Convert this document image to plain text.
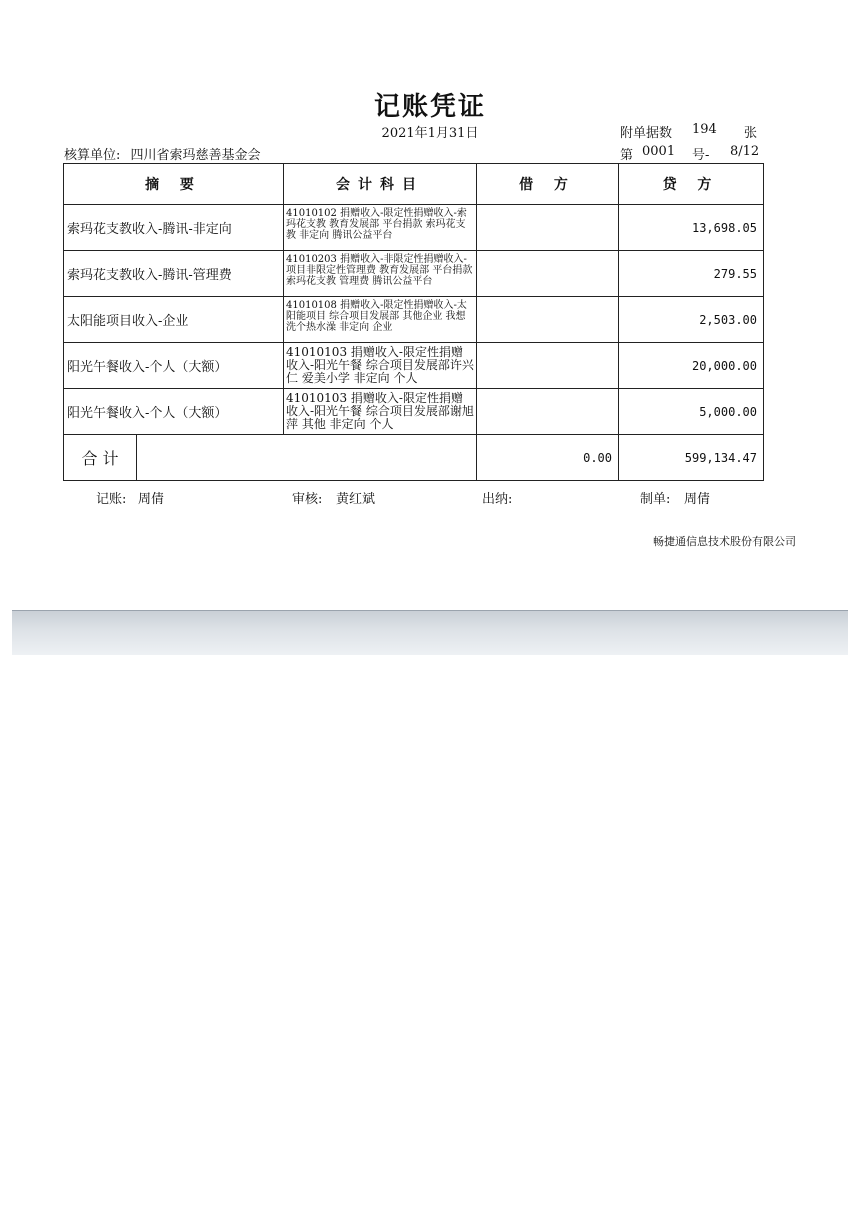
记账凭证
2021年1月31日	附单据数 194 张
核算单位: 四川省索玛慈善基金会	第 0001 号- 8/12
摘 要	会计科目	借 方	贷 方
索玛花支教收入-腾讯-非定向	41010102 捐赠收入-限定性捐赠收入-索玛花支教 教育发展部 平台捐款 索玛花支教 非定向 腾讯公益平台		13,698.05
索玛花支教收入-腾讯-管理费	41010203 捐赠收入-非限定性捐赠收入-项目非限定性管理费 教育发展部 平台捐款 索玛花支教 管理费 腾讯公益平台		279.55
太阳能项目收入-企业	41010108 捐赠收入-限定性捐赠收入-太阳能项目 综合项目发展部 其他企业 我想洗个热水澡 非定向 企业		2,503.00
阳光午餐收入-个人（大额）	41010103 捐赠收入-限定性捐赠收入-阳光午餐 综合项目发展部许兴仁 爱美小学 非定向 个人		20,000.00
阳光午餐收入-个人（大额）	41010103 捐赠收入-限定性捐赠收入-阳光午餐 综合项目发展部谢旭萍 其他 非定向 个人		5,000.00

合 计		0.00	599,134.47
记账: 周倩	审核: 黄红斌	出纳:	制单: 周倩
畅捷通信息技术股份有限公司
